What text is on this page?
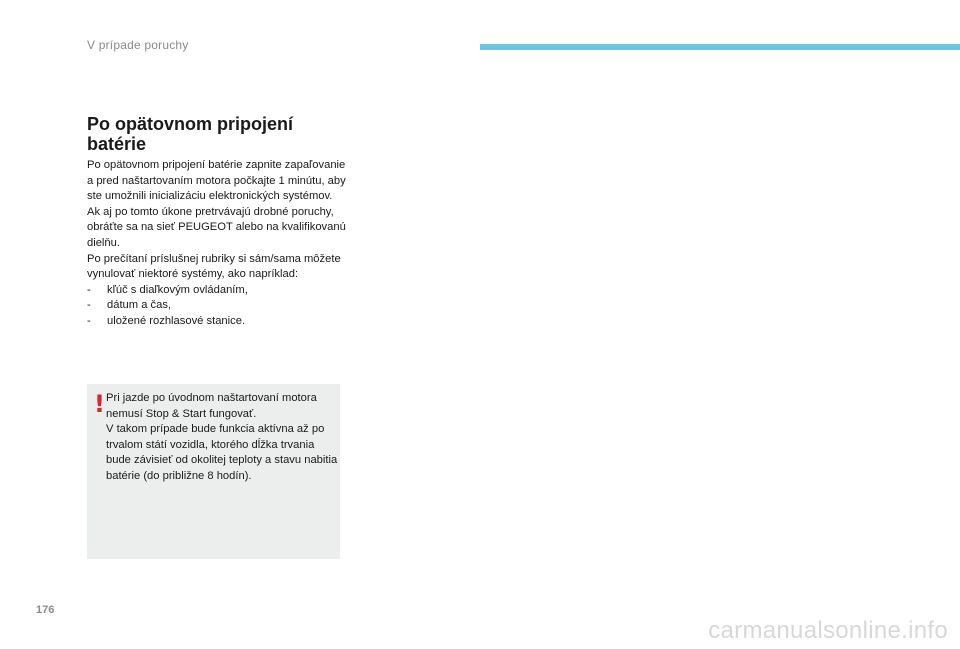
V prípade poruchy
Po opätovnom pripojení
batérie

Po opätovnom pripojení batérie zapnite zapaľovanie a pred naštartovaním motora počkajte 1 minútu, aby ste umožnili inicializáciu elektronických systémov.

Ak aj po tomto úkone pretrvávajú drobné poruchy, obráťte sa na sieť PEUGEOT alebo na kvalifikovanú dielňu.

Po prečítaní príslušnej rubriky si sám/sama môžete vynulovať niektoré systémy, ako napríklad:

- kľúč s diaľkovým ovládaním,
- dátum a čas,
- uložené rozhlasové stanice.
! Pri jazde po úvodnom naštartovaní motora nemusí Stop & Start fungovať.

V takom prípade bude funkcia aktívna až po trvalom státí vozidla, ktorého dĺžka trvania bude závisieť od okolitej teploty a stavu nabitia batérie (do približne 8 hodín).

176
carmanualsonline.info
